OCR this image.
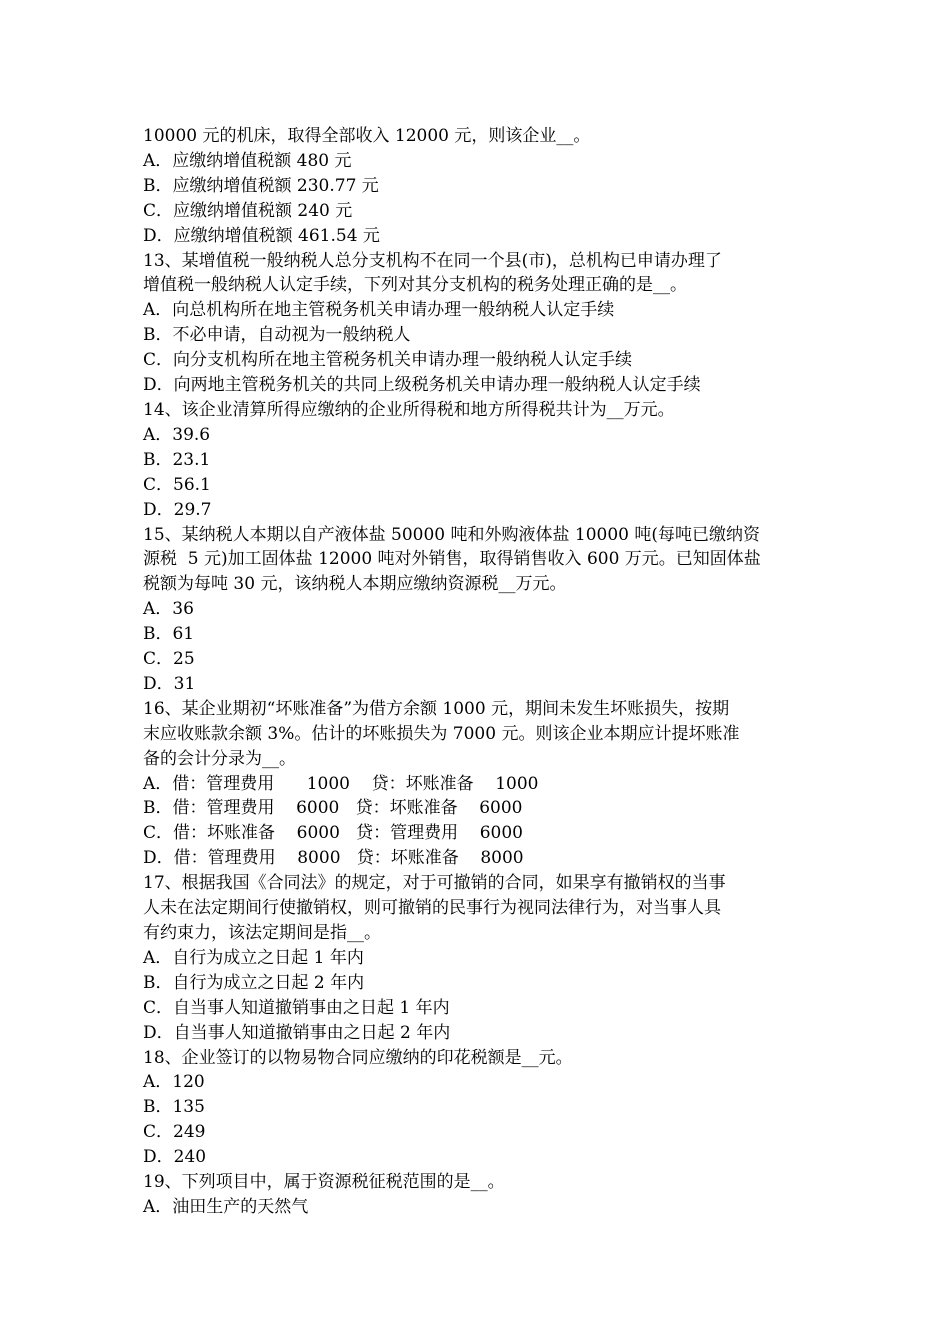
10000 元的机床，取得全部收入 12000 元，则该企业__。

A．应缴纳增值税额 480 元

B．应缴纳增值税额 230.77 元

C．应缴纳增值税额 240 元

D．应缴纳增值税额 461.54 元

13、某增值税一般纳税人总分支机构不在同一个县(市)，总机构已申请办理了

增值税一般纳税人认定手续，下列对其分支机构的税务处理正确的是__。

A．向总机构所在地主管税务机关申请办理一般纳税人认定手续

B．不必申请，自动视为一般纳税人

C．向分支机构所在地主管税务机关申请办理一般纳税人认定手续

D．向两地主管税务机关的共同上级税务机关申请办理一般纳税人认定手续

14、该企业清算所得应缴纳的企业所得税和地方所得税共计为__万元。

A．39.6

B．23.1

C．56.1

D．29.7

15、某纳税人本期以自产液体盐 50000 吨和外购液体盐 10000 吨(每吨已缴纳资

源税  5 元)加工固体盐 12000 吨对外销售，取得销售收入 600 万元。已知固体盐

税额为每吨 30 元，该纳税人本期应缴纳资源税__万元。

A．36

B．61

C．25

D．31

16、某企业期初“坏账准备”为借方余额 1000 元，期间未发生坏账损失，按期

末应收账款余额 3%。估计的坏账损失为 7000 元。则该企业本期应计提坏账准

备的会计分录为__。

A．借：管理费用      1000    贷：坏账准备    1000

B．借：管理费用    6000   贷：坏账准备    6000

C．借：坏账准备    6000   贷：管理费用    6000

D．借：管理费用    8000   贷：坏账准备    8000

17、根据我国《合同法》的规定，对于可撤销的合同，如果享有撤销权的当事

人未在法定期间行使撤销权，则可撤销的民事行为视同法律行为，对当事人具

有约束力，该法定期间是指__。

A．自行为成立之日起 1 年内

B．自行为成立之日起 2 年内

C．自当事人知道撤销事由之日起 1 年内

D．自当事人知道撤销事由之日起 2 年内

18、企业签订的以物易物合同应缴纳的印花税额是__元。

A．120

B．135

C．249

D．240

19、下列项目中，属于资源税征税范围的是__。

A．油田生产的天然气
